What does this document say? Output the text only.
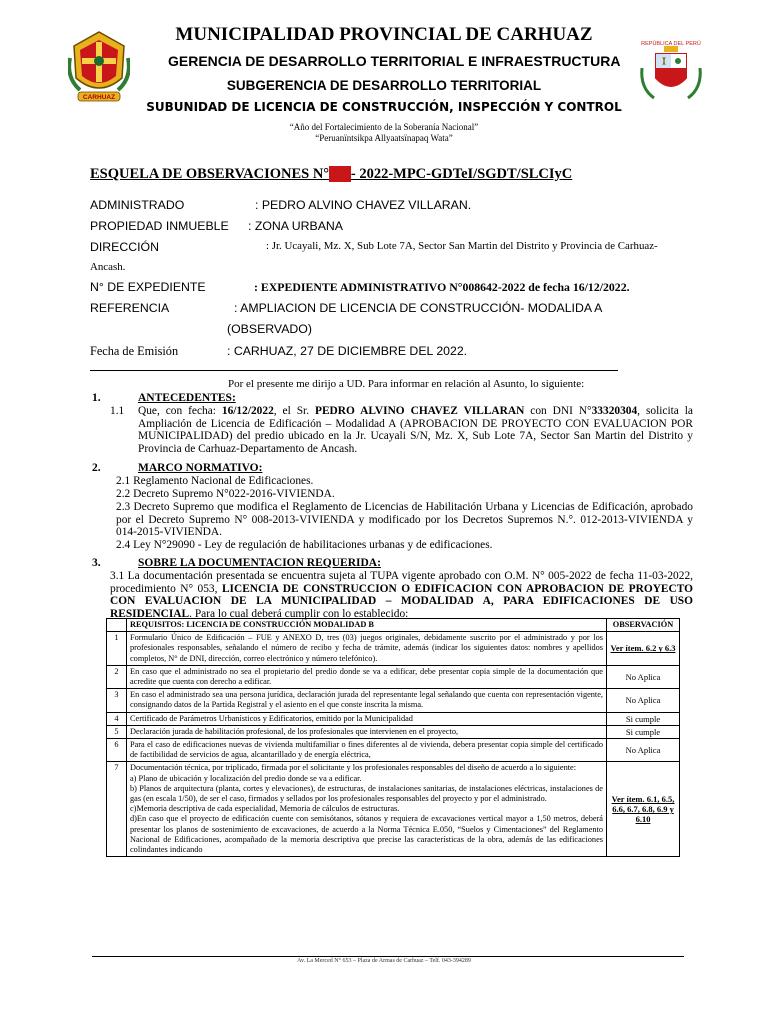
CARHUAZ
REPÚBLICA DEL PERÚ
MUNICIPALIDAD PROVINCIAL DE CARHUAZ
GERENCIA DE DESARROLLO TERRITORIAL E INFRAESTRUCTURA
SUBGERENCIA DE DESARROLLO TERRITORIAL
SUBUNIDAD DE LICENCIA DE CONSTRUCCIÓN, INSPECCIÓN Y CONTROL
“Año del Fortalecimiento de la Soberanía Nacional”
“Peruanïntsikpa Allyaatsïnapaq Wata”
ESQUELA DE OBSERVACIONES N°000- 2022-MPC-GDTeI/SGDT/SLCIyC
ADMINISTRADO	: PEDRO ALVINO CHAVEZ VILLARAN.
PROPIEDAD INMUEBLE : ZONA URBANA
DIRECCIÓN	: Jr. Ucayali, Mz. X, Sub Lote 7A, Sector San Martin del Distrito y Provincia de Carhuaz-
Ancash.
N° DE EXPEDIENTE	: EXPEDIENTE ADMINISTRATIVO N°008642-2022 de fecha 16/12/2022.
REFERENCIA	: AMPLIACION DE LICENCIA DE CONSTRUCCIÓN- MODALIDA A
(OBSERVADO)
Fecha de Emisión	: CARHUAZ, 27 DE DICIEMBRE DEL 2022.
Por el presente me dirijo a UD. Para informar en relación al Asunto, lo siguiente:
1.	ANTECEDENTES:
1.1	Que, con fecha: 16/12/2022, el Sr. PEDRO ALVINO CHAVEZ VILLARAN con DNI N°33320304, solicita la Ampliación de Licencia de Edificación – Modalidad A (APROBACION DE PROYECTO CON EVALUACION POR MUNICIPALIDAD) del predio ubicado en la Jr. Ucayali S/N, Mz. X, Sub Lote 7A, Sector San Martin del Distrito y Provincia de Carhuaz-Departamento de Ancash.
2.	MARCO NORMATIVO:
2.1 Reglamento Nacional de Edificaciones.
2.2 Decreto Supremo N°022-2016-VIVIENDA.
2.3 Decreto Supremo que modifica el Reglamento de Licencias de Habilitación Urbana y Licencias de Edificación, aprobado por el Decreto Supremo N° 008-2013-VIVIENDA y modificado por los Decretos Supremos N.°. 012-2013-VIVIENDA y 014-2015-VIVIENDA.
2.4 Ley N°29090 - Ley de regulación de habilitaciones urbanas y de edificaciones.
3.	SOBRE LA DOCUMENTACION REQUERIDA:
3.1 La documentación presentada se encuentra sujeta al TUPA vigente aprobado con O.M. N° 005-2022 de fecha 11-03-2022, procedimiento N° 053, LICENCIA DE CONSTRUCCION O EDIFICACION CON APROBACION DE PROYECTO CON EVALUACION DE LA MUNICIPALIDAD – MODALIDAD A, PARA EDIFICACIONES DE USO RESIDENCIAL. Para lo cual deberá cumplir con lo establecido:
	REQUISITOS: LICENCIA DE CONSTRUCCIÓN MODALIDAD B	OBSERVACIÓN
1	Formulario Único de Edificación – FUE y ANEXO D, tres (03) juegos originales, debidamente suscrito por el administrado y por los profesionales responsables, señalando el número de recibo y fecha de trámite, además (indicar los siguientes datos: nombres y apellidos completos, N° de DNI, dirección, correo electrónico y número telefónico).	Ver ítem. 6.2 y 6.3
2	En caso que el administrado no sea el propietario del predio donde se va a edificar, debe presentar copia simple de la documentación que acredite que cuenta con derecho a edificar.	No Aplica
3	En caso el administrado sea una persona jurídica, declaración jurada del representante legal señalando que cuenta con representación vigente, consignando datos de la Partida Registral y el asiento en el que conste inscrita la misma.	No Aplica
4	Certificado de Parámetros Urbanísticos y Edificatorios, emitido por la Municipalidad	Si cumple
5	Declaración jurada de habilitación profesional, de los profesionales que intervienen en el proyecto,	Si cumple
6	Para el caso de edificaciones nuevas de vivienda multifamiliar o fines diferentes al de vivienda, debera presentar copia simple del certificado de factibilidad de servicios de agua, alcantarillado y de energía eléctrica,	No Aplica
7	Documentación técnica, por triplicado, firmada por el solicitante y los profesionales responsables del diseño de acuerdo a lo siguiente:
a) Plano de ubicación y localización del predio donde se va a edificar.
b) Planos de arquitectura (planta, cortes y elevaciones), de estructuras, de instalaciones sanitarias, de instalaciones eléctricas, instalaciones de gas (en escala 1/50), de ser el caso, firmados y sellados por los profesionales responsables del proyecto y por el administrado.
c)Memoria descriptiva de cada especialidad, Memoria de cálculos de estructuras.
d)En caso que el proyecto de edificación cuente con semisótanos, sótanos y requiera de excavaciones vertical mayor a 1,50 metros, deberá presentar los planos de sostenimiento de excavaciones, de acuerdo a la Norma Técnica E.050, “Suelos y Cimentaciones” del Reglamento Nacional de Edificaciones, acompañado de la memoria descriptiva que precise las características de la obra, además de las edificaciones colindantes indicando	Ver ítem. 6.1, 6.5, 6.6, 6.7, 6.8, 6.9 y 6.10
Av. La Merced N° 653 – Plaza de Armas de Carhuaz – Telf. 043-394289
